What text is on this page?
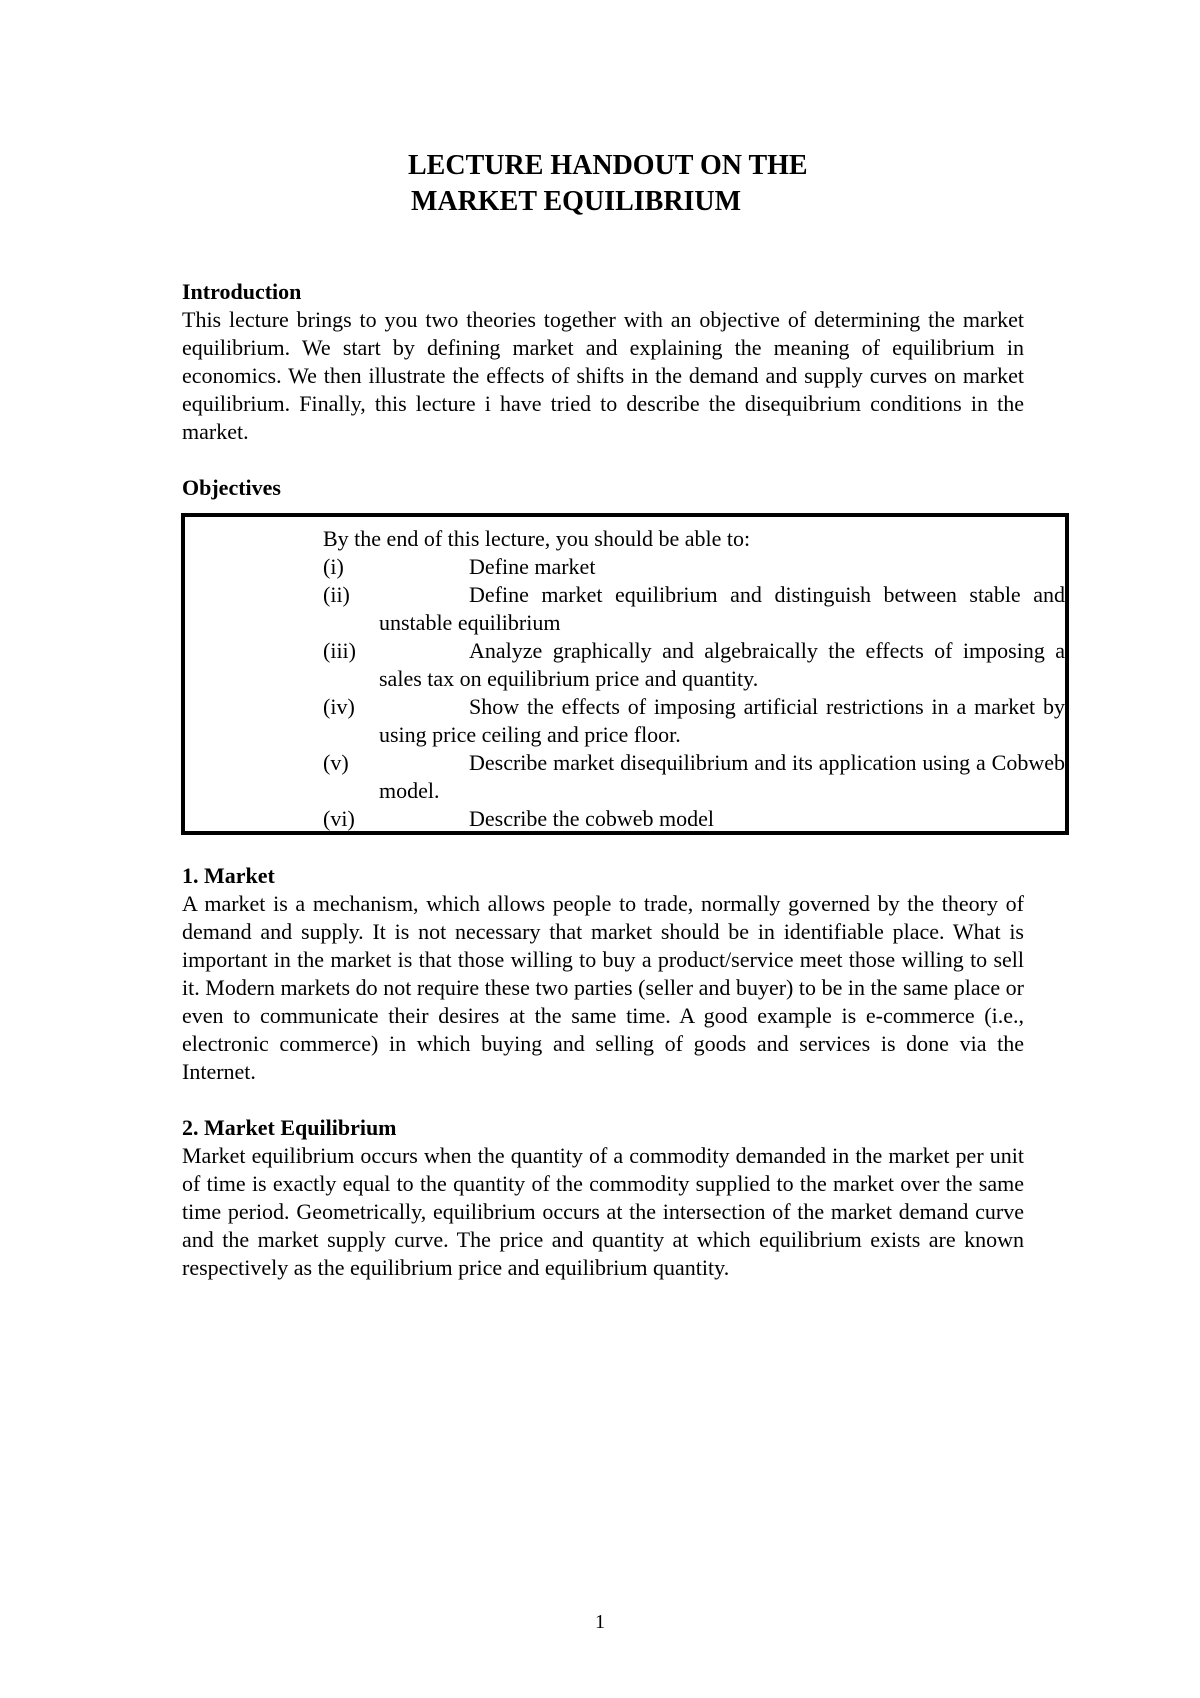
LECTURE HANDOUT ON THE
MARKET EQUILIBRIUM

Introduction

This lecture brings to you two theories together with an objective of determining the market equilibrium. We start by defining market and explaining the meaning of equilibrium in economics. We then illustrate the effects of shifts in the demand and supply curves on market equilibrium. Finally, this lecture i have tried to describe the disequibrium conditions in the market.

Objectives

By the end of this lecture, you should be able to:
(i)	Define market
(ii)	Define market equilibrium and distinguish between stable and unstable equilibrium
(iii)	Analyze graphically and algebraically the effects of imposing a sales tax on equilibrium price and quantity.
(iv)	Show the effects of imposing artificial restrictions in a market by using price ceiling and price floor.
(v)	Describe market disequilibrium and its application using a Cobweb model.
(vi)	Describe the cobweb model

1. Market

A market is a mechanism, which allows people to trade, normally governed by the theory of demand and supply. It is not necessary that market should be in identifiable place. What is important in the market is that those willing to buy a product/service meet those willing to sell it. Modern markets do not require these two parties (seller and buyer) to be in the same place or even to communicate their desires at the same time. A good example is e-commerce (i.e., electronic commerce) in which buying and selling of goods and services is done via the Internet.

2. Market Equilibrium

Market equilibrium occurs when the quantity of a commodity demanded in the market per unit of time is exactly equal to the quantity of the commodity supplied to the market over the same time period. Geometrically, equilibrium occurs at the intersection of the market demand curve and the market supply curve. The price and quantity at which equilibrium exists are known respectively as the equilibrium price and equilibrium quantity.

1
